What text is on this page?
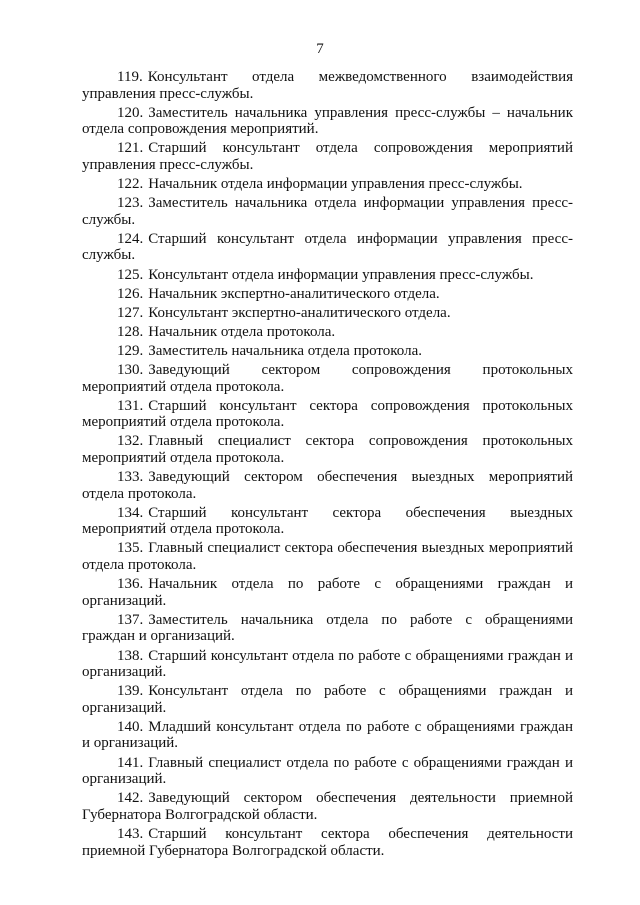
7

119. Консультант отдела межведомственного взаимодействия управления пресс-службы.

120. Заместитель начальника управления пресс-службы – начальник отдела сопровождения мероприятий.

121. Старший консультант отдела сопровождения мероприятий управления пресс-службы.

122. Начальник отдела информации управления пресс-службы.

123. Заместитель начальника отдела информации управления пресс-службы.

124. Старший консультант отдела информации управления пресс-службы.

125. Консультант отдела информации управления пресс-службы.

126. Начальник экспертно-аналитического отдела.

127. Консультант экспертно-аналитического отдела.

128. Начальник отдела протокола.

129. Заместитель начальника отдела протокола.

130. Заведующий сектором сопровождения протокольных мероприятий отдела протокола.

131. Старший консультант сектора сопровождения протокольных мероприятий отдела протокола.

132. Главный специалист сектора сопровождения протокольных мероприятий отдела протокола.

133. Заведующий сектором обеспечения выездных мероприятий отдела протокола.

134. Старший консультант сектора обеспечения выездных мероприятий отдела протокола.

135. Главный специалист сектора обеспечения выездных мероприятий отдела протокола.

136. Начальник отдела по работе с обращениями граждан и организаций.

137. Заместитель начальника отдела по работе с обращениями граждан и организаций.

138. Старший консультант отдела по работе с обращениями граждан и организаций.

139. Консультант отдела по работе с обращениями граждан и организаций.

140. Младший консультант отдела по работе с обращениями граждан и организаций.

141. Главный специалист отдела по работе с обращениями граждан и организаций.

142. Заведующий сектором обеспечения деятельности приемной Губернатора Волгоградской области.

143. Старший консультант сектора обеспечения деятельности приемной Губернатора Волгоградской области.
